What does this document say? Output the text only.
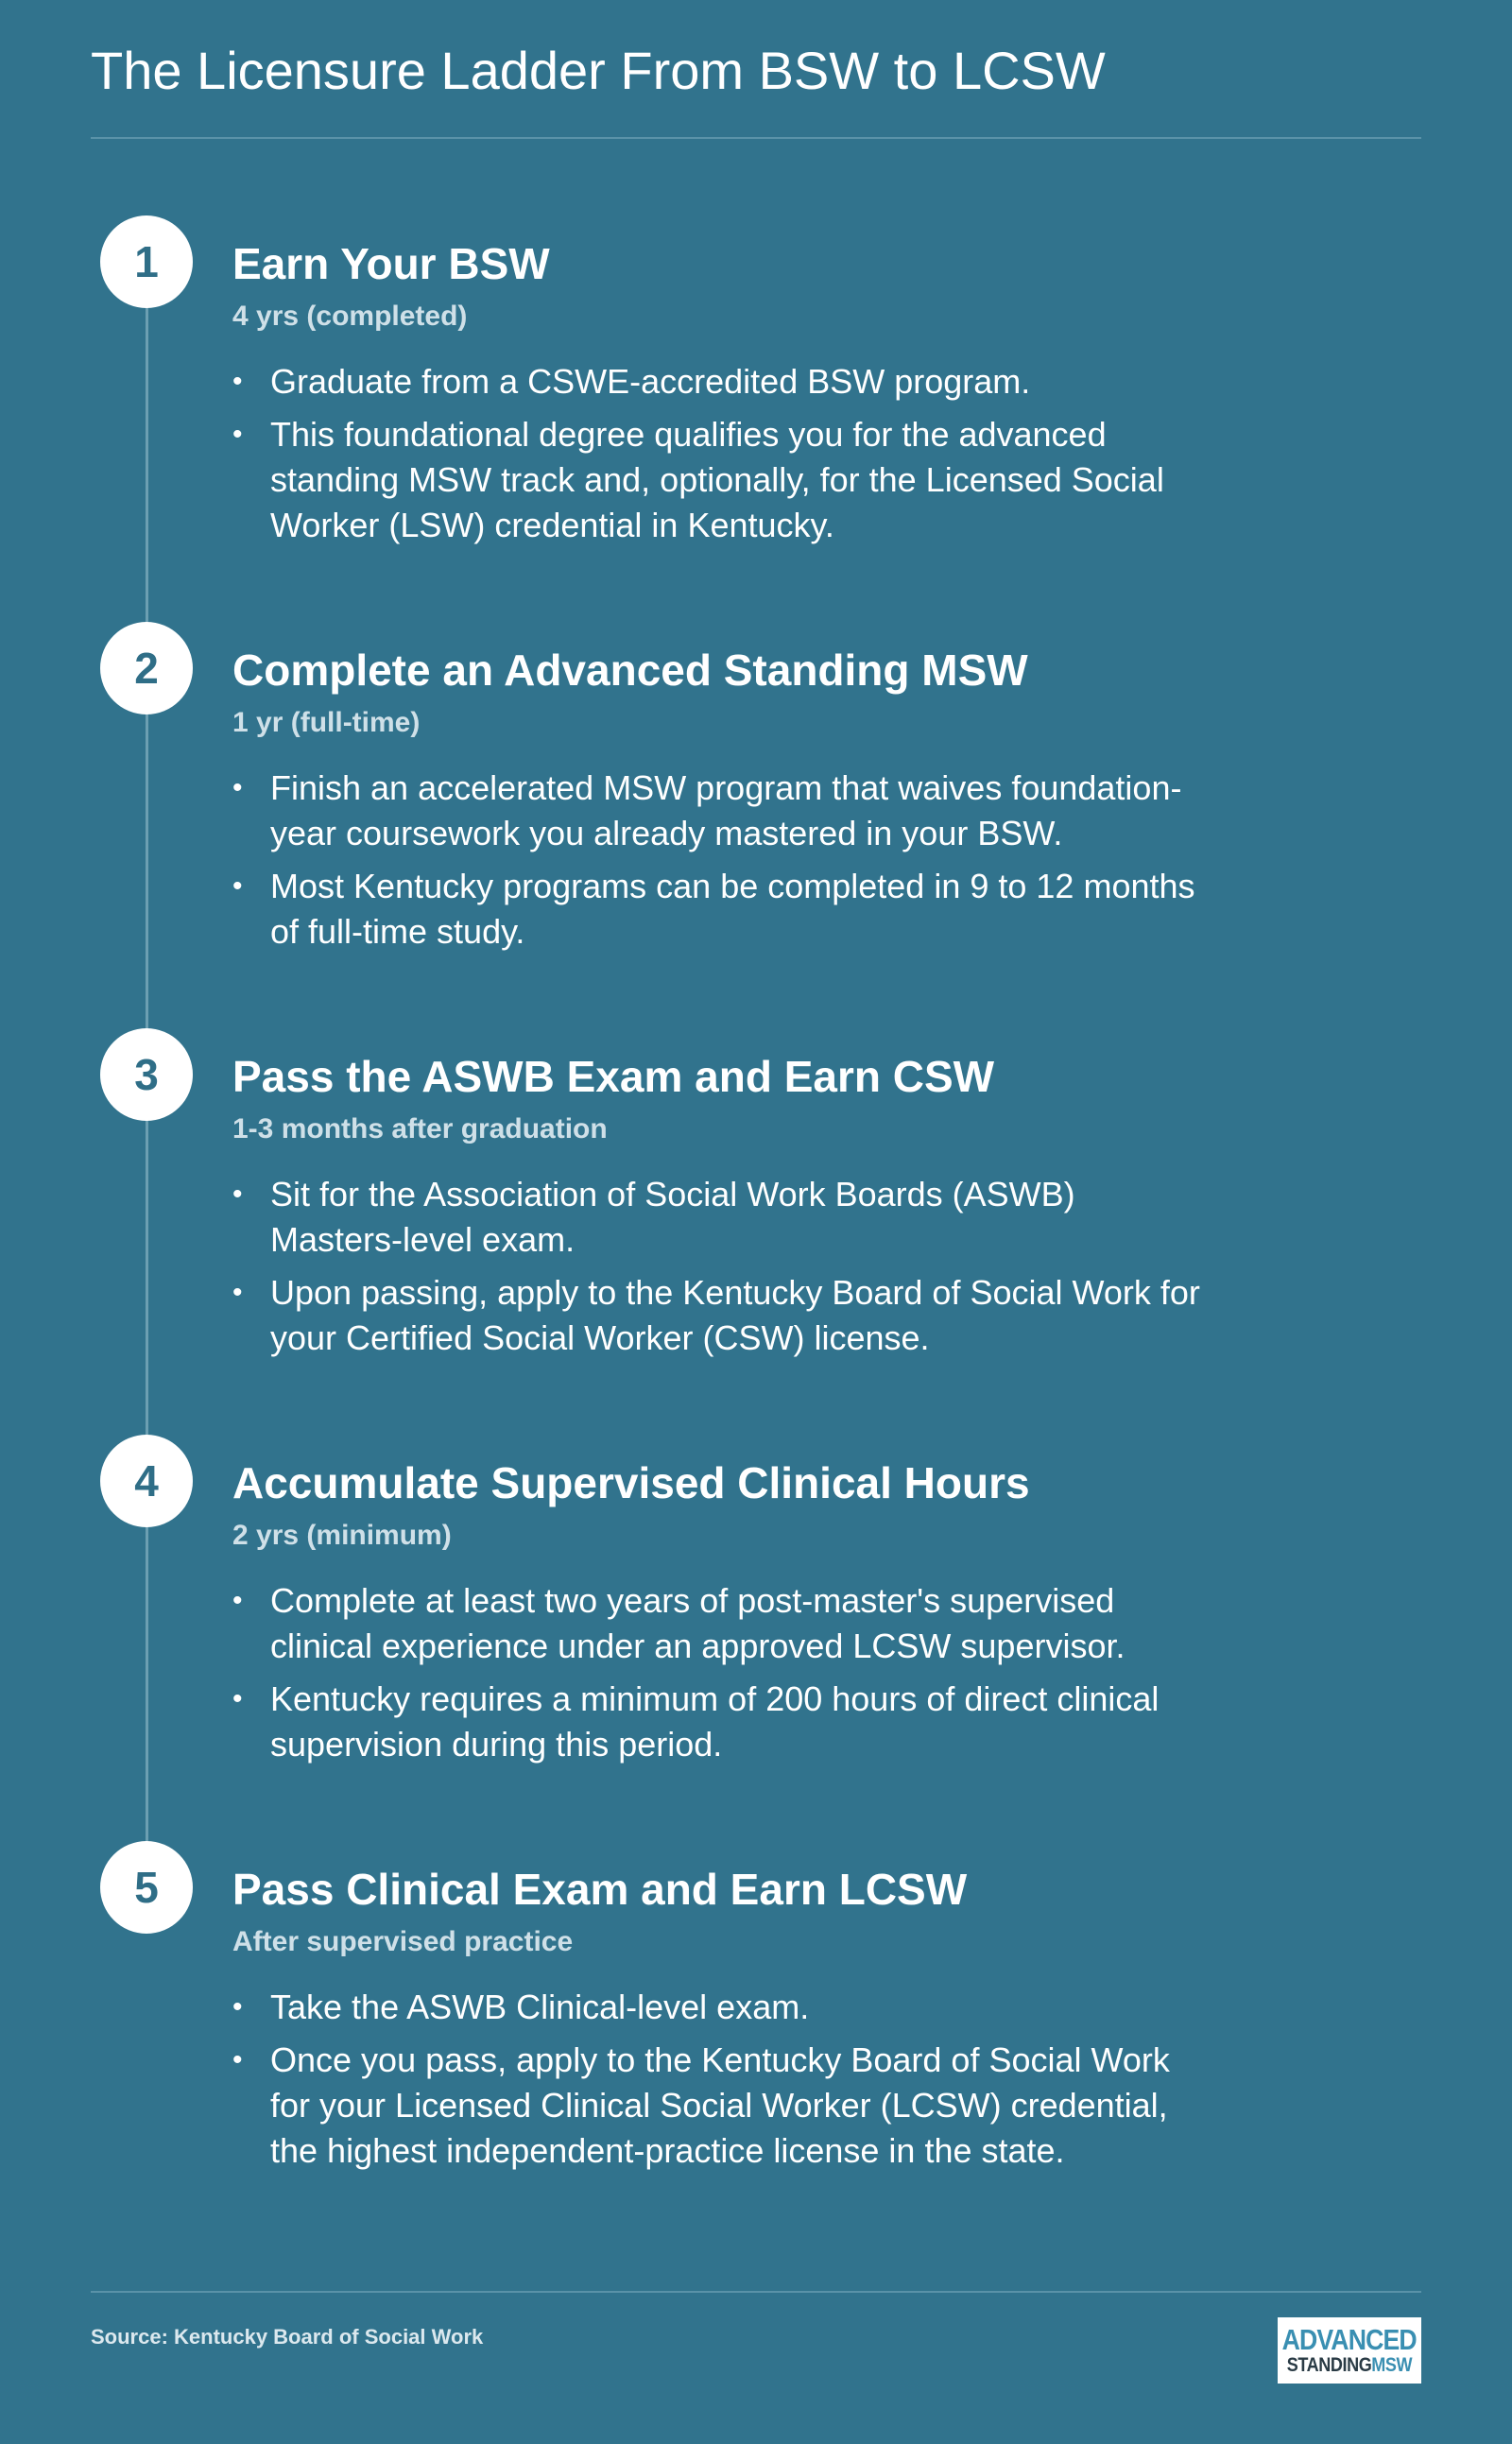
The Licensure Ladder From BSW to LCSW
1	Earn Your BSW
4 yrs (completed)
• Graduate from a CSWE-accredited BSW program.
• This foundational degree qualifies you for the advanced standing MSW track and, optionally, for the Licensed Social Worker (LSW) credential in Kentucky.
2	Complete an Advanced Standing MSW
1 yr (full-time)
• Finish an accelerated MSW program that waives foundation-year coursework you already mastered in your BSW.
• Most Kentucky programs can be completed in 9 to 12 months of full-time study.
3	Pass the ASWB Exam and Earn CSW
1-3 months after graduation
• Sit for the Association of Social Work Boards (ASWB) Masters-level exam.
• Upon passing, apply to the Kentucky Board of Social Work for your Certified Social Worker (CSW) license.
4	Accumulate Supervised Clinical Hours
2 yrs (minimum)
• Complete at least two years of post-master's supervised clinical experience under an approved LCSW supervisor.
• Kentucky requires a minimum of 200 hours of direct clinical supervision during this period.
5	Pass Clinical Exam and Earn LCSW
After supervised practice
• Take the ASWB Clinical-level exam.
• Once you pass, apply to the Kentucky Board of Social Work for your Licensed Clinical Social Worker (LCSW) credential, the highest independent-practice license in the state.
Source: Kentucky Board of Social Work	ADVANCED
STANDINGMSW
